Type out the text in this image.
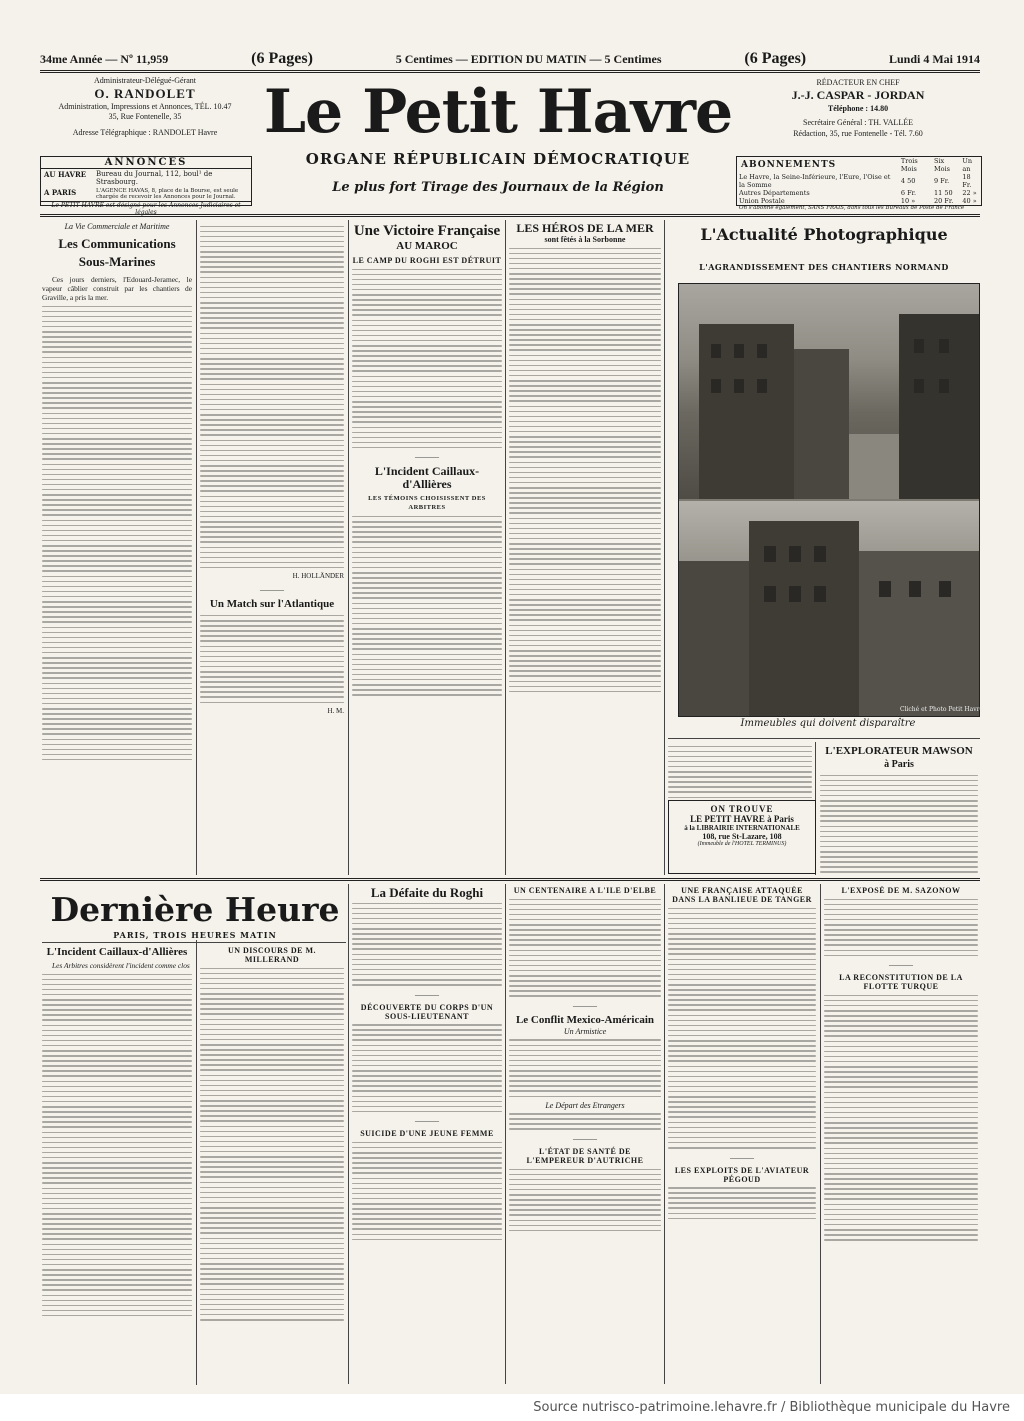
34me Année — Nº 11,959	(6 Pages)	5 Centimes — EDITION DU MATIN — 5 Centimes	(6 Pages)	Lundi 4 Mai 1914
Administrateur-Délégué-Gérant
O. RANDOLET
Administration, Impressions et Annonces, TÉL. 10.47
35, Rue Fontenelle, 35
Adresse Télégraphique : RANDOLET Havre
ANNONCES
AU HAVRE	Bureau du Journal, 112, boul¹ de Strasbourg.
A PARIS	L'AGENCE HAVAS, 8, place de la Bourse, est seule chargée de recevoir les Annonces pour le Journal.
Le PETIT HAVRE est désigné pour les Annonces Judiciaires et légales
Le Petit Havre
ORGANE RÉPUBLICAIN DÉMOCRATIQUE
Le plus fort Tirage des Journaux de la Région
RÉDACTEUR EN CHEF
J.-J. CASPAR - JORDAN
Téléphone : 14.80
Secrétaire Général : TH. VALLÉE
Rédaction, 35, rue Fontenelle - Tél. 7.60
ABONNEMENTS	Trois Mois	Six Mois	Un an
Le Havre, la Seine-Inférieure, l'Eure, l'Oise et la Somme	4 50	9 Fr.	18 Fr.
Autres Départements	6 Fr.	11 50	22 »
Union Postale	10 »	20 Fr.	40 »
On s'abonne également, SANS FRAIS, dans tous les Bureaux de Poste de France			
La Vie Commerciale et Maritime
Les Communications Sous-Marines
Ces jours derniers, l'Edouard-Jeramec, le vapeur câblier construit par les chantiers de Graville, a pris la mer.
H. HOLLÄNDER
———
Un Match sur l'Atlantique
H. M.
Une Victoire Française
AU MAROC
LE CAMP DU ROGHI EST DÉTRUIT
———
L'Incident Caillaux-d'Allières
LES TÉMOINS CHOISISSENT DES ARBITRES
LES HÉROS DE LA MER
sont fêtés à la Sorbonne	L'Actualité Photographique
L'AGRANDISSEMENT DES CHANTIERS NORMAND
Cliché et Photo Petit Havre
Immeubles qui doivent disparaître
L'EXPLORATEUR MAWSON
à Paris
ON TROUVE
LE PETIT HAVRE à Paris
à la LIBRAIRIE INTERNATIONALE
108, rue St-Lazare, 108
(Immeuble de l'HOTEL TERMINUS)
Dernière Heure
PARIS, TROIS HEURES MATIN
L'Incident Caillaux-d'Allières
Les Arbitres considèrent l'incident comme clos
UN DISCOURS DE M. MILLERAND
La Défaite du Roghi
———
DÉCOUVERTE DU CORPS D'UN SOUS-LIEUTENANT
———
SUICIDE D'UNE JEUNE FEMME
UN CENTENAIRE A L'ILE D'ELBE
———
Le Conflit Mexico-Américain
Un Armistice
Le Départ des Etrangers
———
L'ÉTAT DE SANTÉ DE L'EMPEREUR D'AUTRICHE
UNE FRANÇAISE ATTAQUÉE DANS LA BANLIEUE DE TANGER
———
LES EXPLOITS DE L'AVIATEUR PÉGOUD
L'EXPOSÉ DE M. SAZONOW
———
LA RECONSTITUTION DE LA FLOTTE TURQUE
Source nutrisco-patrimoine.lehavre.fr / Bibliothèque municipale du Havre
